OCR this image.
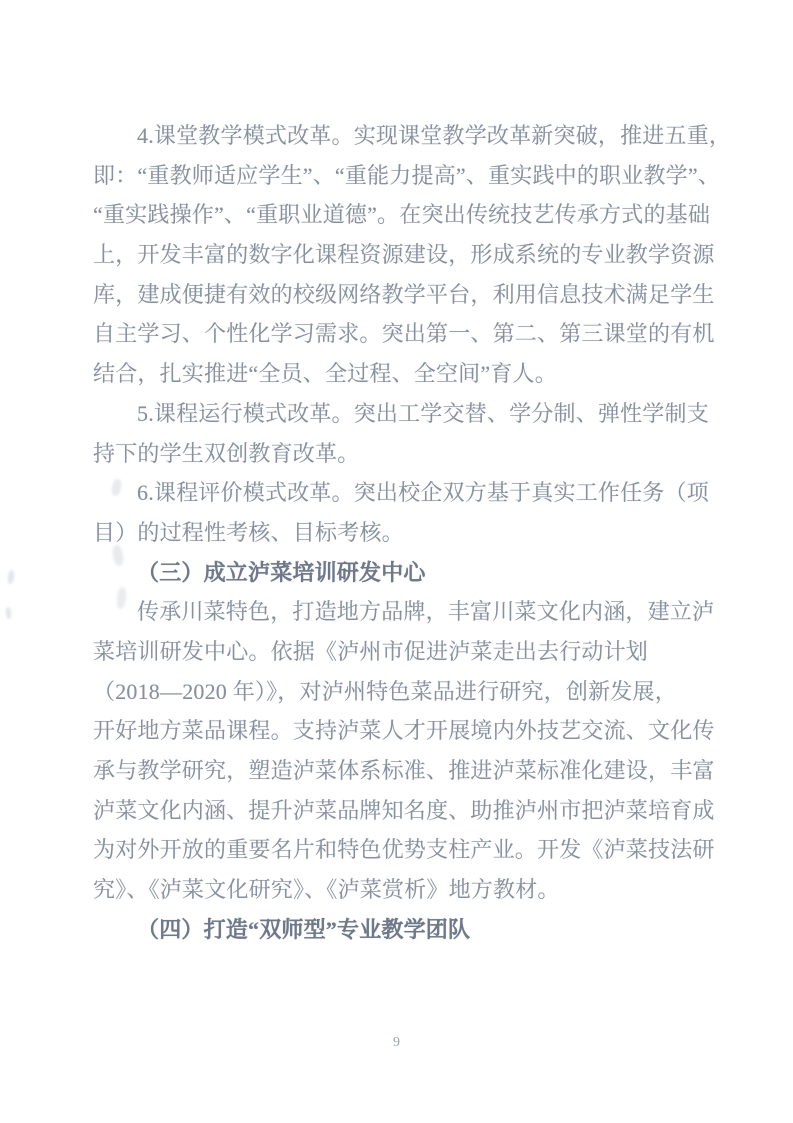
4.课堂教学模式改革。实现课堂教学改革新突破，推进五重，

即：“重教师适应学生”、“重能力提高”、重实践中的职业教学”、

“重实践操作”、“重职业道德”。在突出传统技艺传承方式的基础

上，开发丰富的数字化课程资源建设，形成系统的专业教学资源

库，建成便捷有效的校级网络教学平台，利用信息技术满足学生

自主学习、个性化学习需求。突出第一、第二、第三课堂的有机

结合，扎实推进“全员、全过程、全空间”育人。

5.课程运行模式改革。突出工学交替、学分制、弹性学制支

持下的学生双创教育改革。

6.课程评价模式改革。突出校企双方基于真实工作任务（项

目）的过程性考核、目标考核。

（三）成立泸菜培训研发中心

传承川菜特色，打造地方品牌，丰富川菜文化内涵，建立泸

菜培训研发中心。依据《泸州市促进泸菜走出去行动计划

（2018—2020 年）》，对泸州特色菜品进行研究，创新发展，

开好地方菜品课程。支持泸菜人才开展境内外技艺交流、文化传

承与教学研究，塑造泸菜体系标准、推进泸菜标准化建设，丰富

泸菜文化内涵、提升泸菜品牌知名度、助推泸州市把泸菜培育成

为对外开放的重要名片和特色优势支柱产业。开发《泸菜技法研

究》、《泸菜文化研究》、《泸菜赏析》地方教材。

（四）打造“双师型”专业教学团队

9
